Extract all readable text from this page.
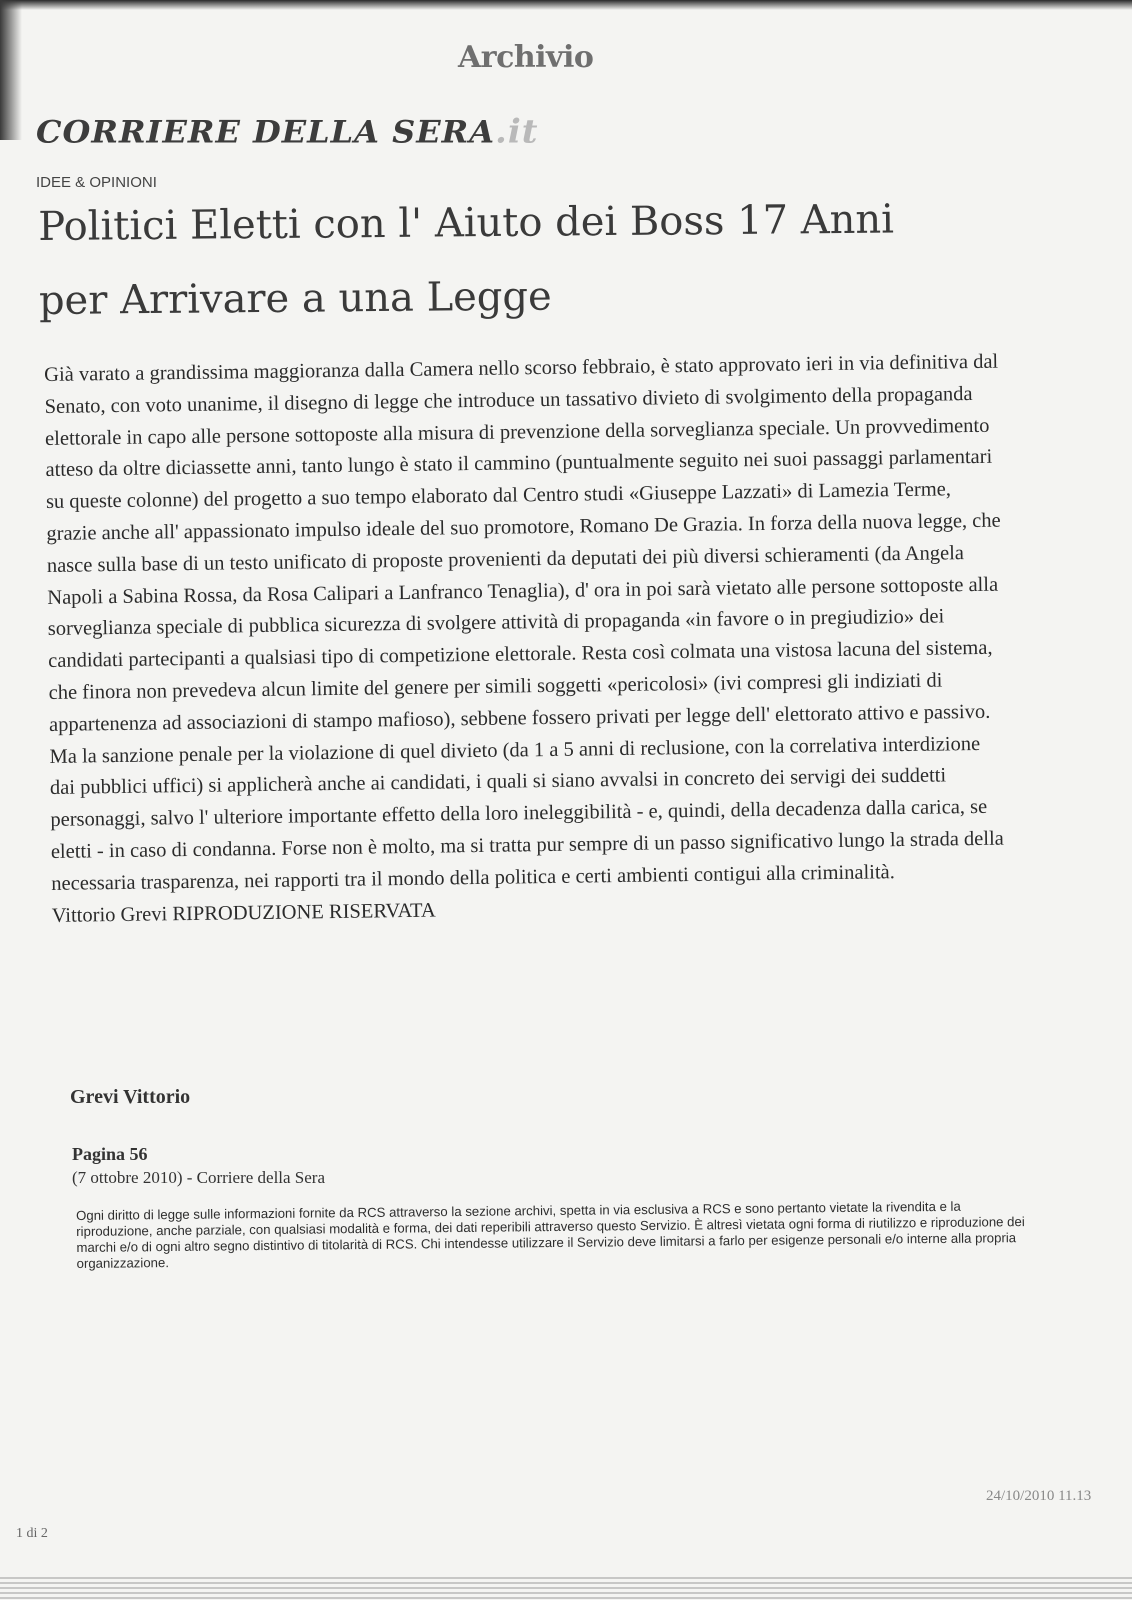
Archivio
CORRIERE DELLA SERA.it
IDEE & OPINIONI
Politici Eletti con l' Aiuto dei Boss 17 Anni per Arrivare a una Legge
Già varato a grandissima maggioranza dalla Camera nello scorso febbraio, è stato approvato ieri in via definitiva dal Senato, con voto unanime, il disegno di legge che introduce un tassativo divieto di svolgimento della propaganda elettorale in capo alle persone sottoposte alla misura di prevenzione della sorveglianza speciale. Un provvedimento atteso da oltre diciassette anni, tanto lungo è stato il cammino (puntualmente seguito nei suoi passaggi parlamentari su queste colonne) del progetto a suo tempo elaborato dal Centro studi «Giuseppe Lazzati» di Lamezia Terme, grazie anche all' appassionato impulso ideale del suo promotore, Romano De Grazia. In forza della nuova legge, che nasce sulla base di un testo unificato di proposte provenienti da deputati dei più diversi schieramenti (da Angela Napoli a Sabina Rossa, da Rosa Calipari a Lanfranco Tenaglia), d' ora in poi sarà vietato alle persone sottoposte alla sorveglianza speciale di pubblica sicurezza di svolgere attività di propaganda «in favore o in pregiudizio» dei candidati partecipanti a qualsiasi tipo di competizione elettorale. Resta così colmata una vistosa lacuna del sistema, che finora non prevedeva alcun limite del genere per simili soggetti «pericolosi» (ivi compresi gli indiziati di appartenenza ad associazioni di stampo mafioso), sebbene fossero privati per legge dell' elettorato attivo e passivo. Ma la sanzione penale per la violazione di quel divieto (da 1 a 5 anni di reclusione, con la correlativa interdizione dai pubblici uffici) si applicherà anche ai candidati, i quali si siano avvalsi in concreto dei servigi dei suddetti personaggi, salvo l' ulteriore importante effetto della loro ineleggibilità - e, quindi, della decadenza dalla carica, se eletti - in caso di condanna. Forse non è molto, ma si tratta pur sempre di un passo significativo lungo la strada della necessaria trasparenza, nei rapporti tra il mondo della politica e certi ambienti contigui alla criminalità.
Vittorio Grevi RIPRODUZIONE RISERVATA
Grevi Vittorio
Pagina 56
(7 ottobre 2010) - Corriere della Sera

Ogni diritto di legge sulle informazioni fornite da RCS attraverso la sezione archivi, spetta in via esclusiva a RCS e sono pertanto vietate la rivendita e la riproduzione, anche parziale, con qualsiasi modalità e forma, dei dati reperibili attraverso questo Servizio. È altresì vietata ogni forma di riutilizzo e riproduzione dei marchi e/o di ogni altro segno distintivo di titolarità di RCS. Chi intendesse utilizzare il Servizio deve limitarsi a farlo per esigenze personali e/o interne alla propria organizzazione.

1 di 2
24/10/2010 11.13
